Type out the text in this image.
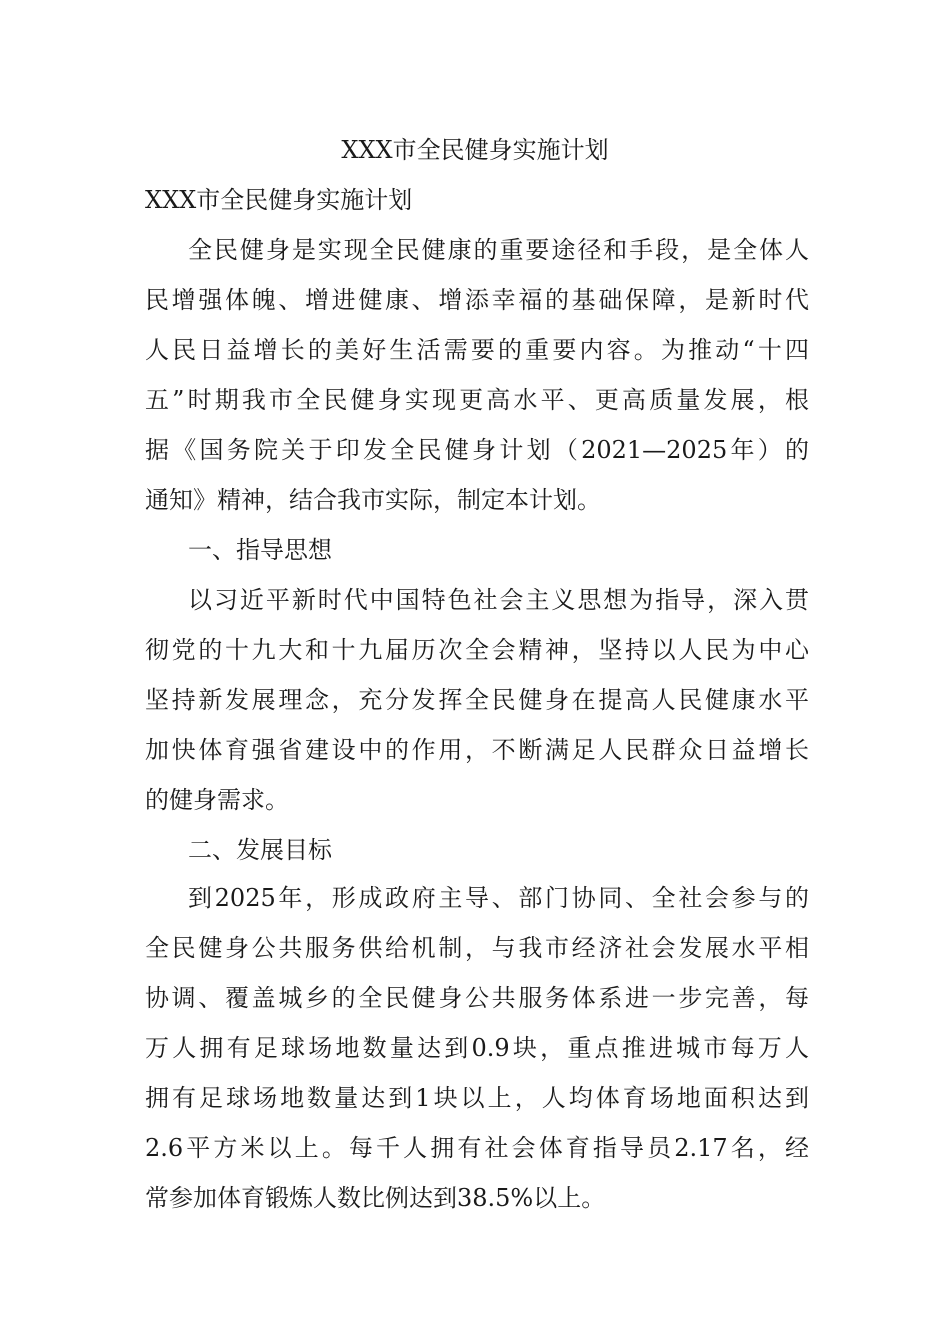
XXX市全民健身实施计划
XXX市全民健身实施计划

全民健身是实现全民健康的重要途径和手段，是全体人

民增强体魄、增进健康、增添幸福的基础保障，是新时代

人民日益增长的美好生活需要的重要内容。为推动“十四

五”时期我市全民健身实现更高水平、更高质量发展，根

据《国务院关于印发全民健身计划（2021—2025年）的

通知》精神，结合我市实际，制定本计划。

一、指导思想

以习近平新时代中国特色社会主义思想为指导，深入贯

彻党的十九大和十九届历次全会精神，坚持以人民为中心

坚持新发展理念，充分发挥全民健身在提高人民健康水平

加快体育强省建设中的作用，不断满足人民群众日益增长

的健身需求。

二、发展目标

到2025年，形成政府主导、部门协同、全社会参与的

全民健身公共服务供给机制，与我市经济社会发展水平相

协调、覆盖城乡的全民健身公共服务体系进一步完善，每

万人拥有足球场地数量达到0.9块，重点推进城市每万人

拥有足球场地数量达到1块以上，人均体育场地面积达到

2.6平方米以上。每千人拥有社会体育指导员2.17名，经

常参加体育锻炼人数比例达到38.5%以上。
